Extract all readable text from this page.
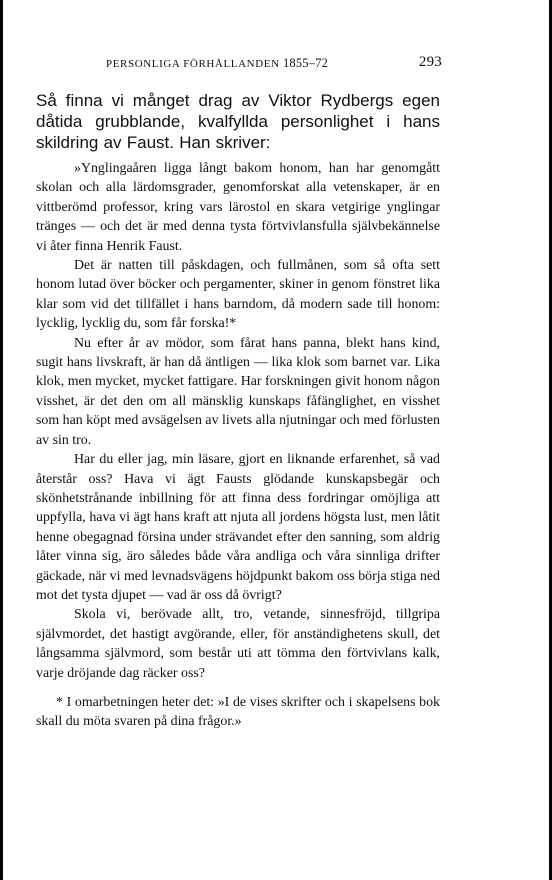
PERSONLIGA FÖRHÅLLANDEN 1855–72	293
Så finna vi månget drag av Viktor Rydbergs egen dåtida grubblande, kvalfyllda personlighet i hans skildring av Faust. Han skriver:

»Ynglingaåren ligga långt bakom honom, han har genomgått skolan och alla lärdomsgrader, genomforskat alla vetenskaper, är en vittberömd professor, kring vars lärostol en skara vetgirige ynglingar tränges — och det är med denna tysta förtvivlansfulla självbekännelse vi åter finna Henrik Faust.

Det är natten till påskdagen, och fullmånen, som så ofta sett honom lutad över böcker och pergamenter, skiner in genom fönstret lika klar som vid det tillfället i hans barndom, då modern sade till honom: lycklig, lycklig du, som får forska!*

Nu efter år av mödor, som fårat hans panna, blekt hans kind, sugit hans livskraft, är han då äntligen — lika klok som barnet var. Lika klok, men mycket, mycket fattigare. Har forskningen givit honom någon visshet, är det den om all mänsklig kunskaps fåfänglighet, en visshet som han köpt med avsägelsen av livets alla njutningar och med förlusten av sin tro.

Har du eller jag, min läsare, gjort en liknande erfarenhet, så vad återstår oss? Hava vi ägt Fausts glödande kunskapsbegär och skönhetstrånande inbillning för att finna dess fordringar omöjliga att uppfylla, hava vi ägt hans kraft att njuta all jordens högsta lust, men låtit henne obegagnad försina under strävandet efter den sanning, som aldrig låter vinna sig, äro således både våra andliga och våra sinnliga drifter gäckade, när vi med levnadsvägens höjdpunkt bakom oss börja stiga ned mot det tysta djupet — vad är oss då övrigt?

Skola vi, berövade allt, tro, vetande, sinnesfröjd, tillgripa självmordet, det hastigt avgörande, eller, för anständighetens skull, det långsamma självmord, som består uti att tömma den förtvivlans kalk, varje dröjande dag räcker oss?

* I omarbetningen heter det: »I de vises skrifter och i skapelsens bok skall du möta svaren på dina frågor.»
